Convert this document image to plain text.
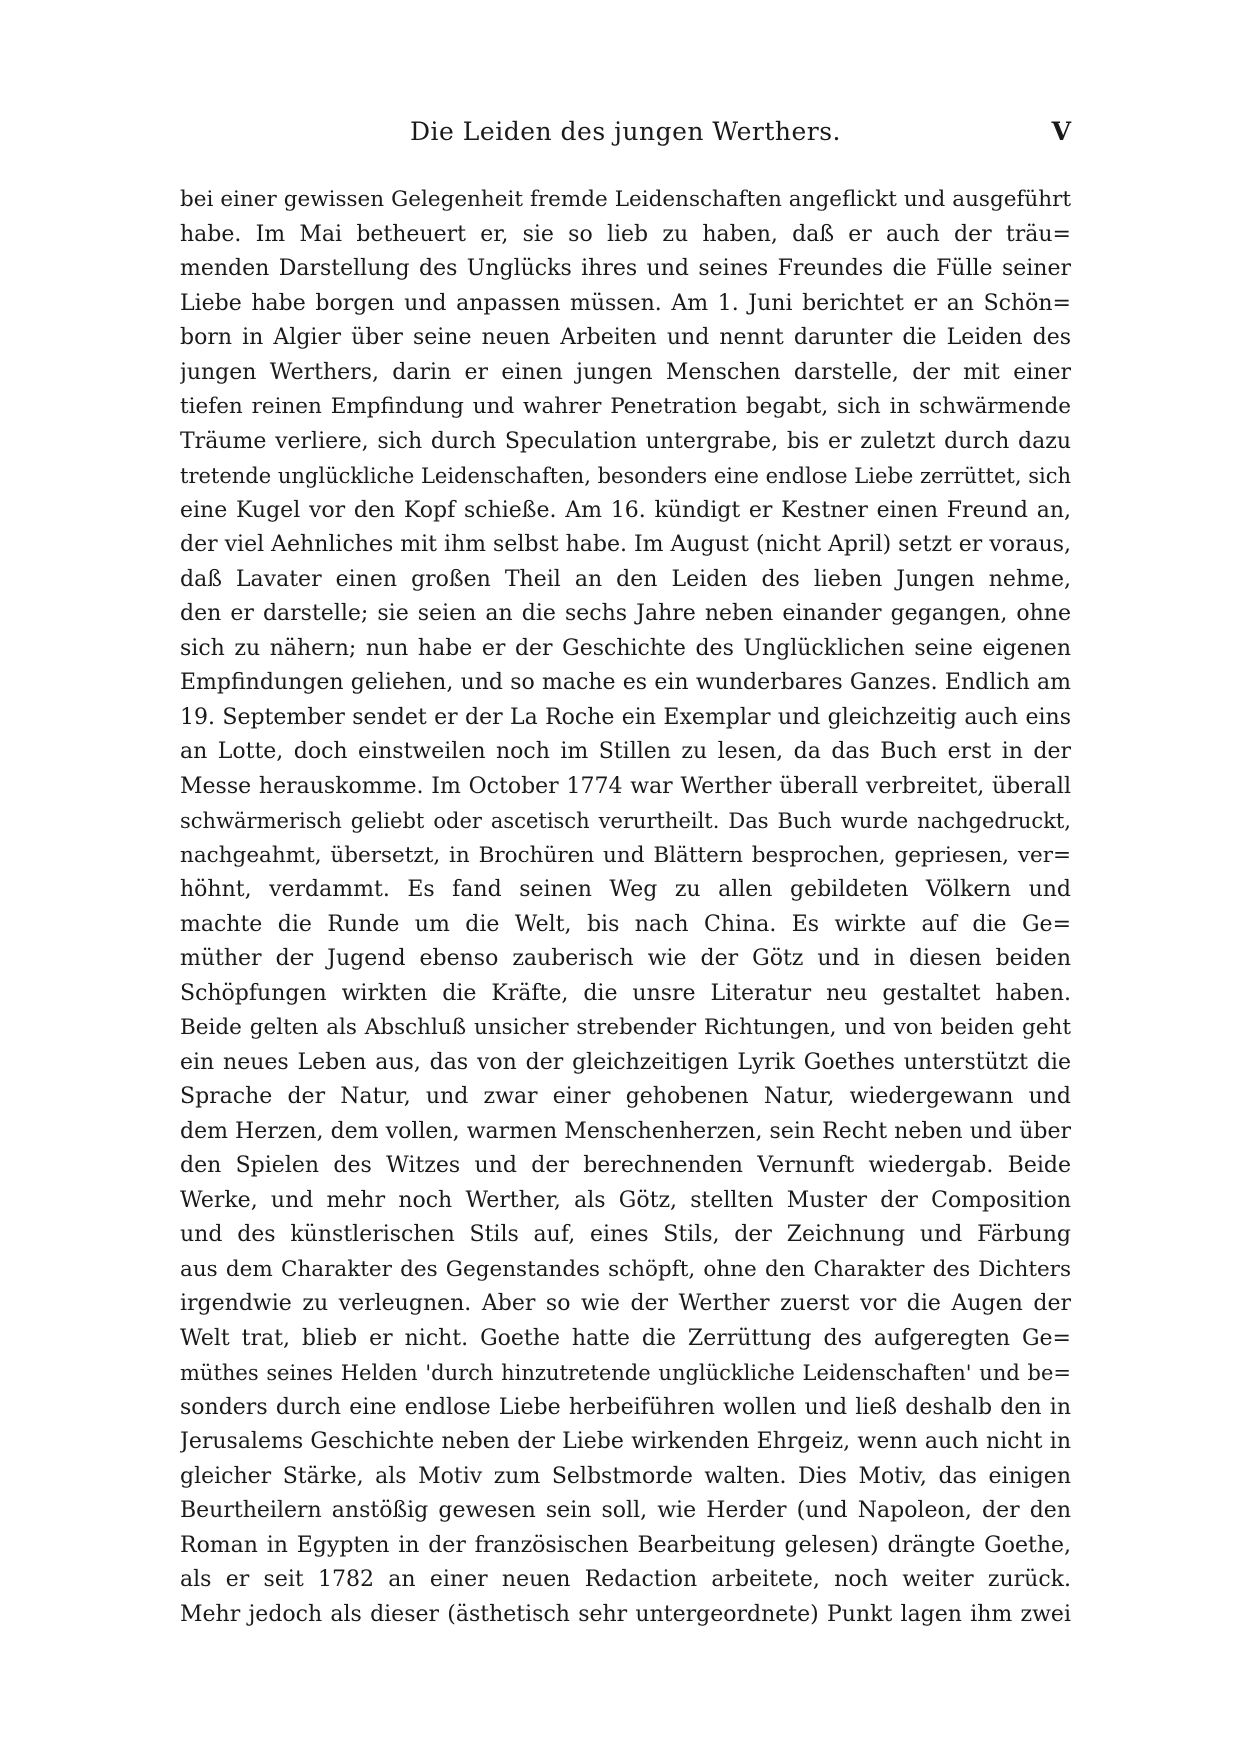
Die Leiden des jungen Werthers.	V
bei einer gewissen Gelegenheit fremde Leidenschaften angeflickt und ausgeführt
habe. Im Mai betheuert er, sie so lieb zu haben, daß er auch der träu=
menden Darstellung des Unglücks ihres und seines Freundes die Fülle seiner
Liebe habe borgen und anpassen müssen. Am 1. Juni berichtet er an Schön=
born in Algier über seine neuen Arbeiten und nennt darunter die Leiden des
jungen Werthers, darin er einen jungen Menschen darstelle, der mit einer
tiefen reinen Empfindung und wahrer Penetration begabt, sich in schwärmende
Träume verliere, sich durch Speculation untergrabe, bis er zuletzt durch dazu
tretende unglückliche Leidenschaften, besonders eine endlose Liebe zerrüttet, sich
eine Kugel vor den Kopf schieße. Am 16. kündigt er Kestner einen Freund an,
der viel Aehnliches mit ihm selbst habe. Im August (nicht April) setzt er voraus,
daß Lavater einen großen Theil an den Leiden des lieben Jungen nehme,
den er darstelle; sie seien an die sechs Jahre neben einander gegangen, ohne
sich zu nähern; nun habe er der Geschichte des Unglücklichen seine eigenen
Empfindungen geliehen, und so mache es ein wunderbares Ganzes. Endlich am
19. September sendet er der La Roche ein Exemplar und gleichzeitig auch eins
an Lotte, doch einstweilen noch im Stillen zu lesen, da das Buch erst in der
Messe herauskomme. Im October 1774 war Werther überall verbreitet, überall
schwärmerisch geliebt oder ascetisch verurtheilt. Das Buch wurde nachgedruckt,
nachgeahmt, übersetzt, in Brochüren und Blättern besprochen, gepriesen, ver=
höhnt, verdammt. Es fand seinen Weg zu allen gebildeten Völkern und
machte die Runde um die Welt, bis nach China. Es wirkte auf die Ge=
müther der Jugend ebenso zauberisch wie der Götz und in diesen beiden
Schöpfungen wirkten die Kräfte, die unsre Literatur neu gestaltet haben.
Beide gelten als Abschluß unsicher strebender Richtungen, und von beiden geht
ein neues Leben aus, das von der gleichzeitigen Lyrik Goethes unterstützt die
Sprache der Natur, und zwar einer gehobenen Natur, wiedergewann und
dem Herzen, dem vollen, warmen Menschenherzen, sein Recht neben und über
den Spielen des Witzes und der berechnenden Vernunft wiedergab. Beide
Werke, und mehr noch Werther, als Götz, stellten Muster der Composition
und des künstlerischen Stils auf, eines Stils, der Zeichnung und Färbung
aus dem Charakter des Gegenstandes schöpft, ohne den Charakter des Dichters
irgendwie zu verleugnen. Aber so wie der Werther zuerst vor die Augen der
Welt trat, blieb er nicht. Goethe hatte die Zerrüttung des aufgeregten Ge=
müthes seines Helden 'durch hinzutretende unglückliche Leidenschaften' und be=
sonders durch eine endlose Liebe herbeiführen wollen und ließ deshalb den in
Jerusalems Geschichte neben der Liebe wirkenden Ehrgeiz, wenn auch nicht in
gleicher Stärke, als Motiv zum Selbstmorde walten. Dies Motiv, das einigen
Beurtheilern anstößig gewesen sein soll, wie Herder (und Napoleon, der den
Roman in Egypten in der französischen Bearbeitung gelesen) drängte Goethe,
als er seit 1782 an einer neuen Redaction arbeitete, noch weiter zurück.
Mehr jedoch als dieser (ästhetisch sehr untergeordnete) Punkt lagen ihm zwei
